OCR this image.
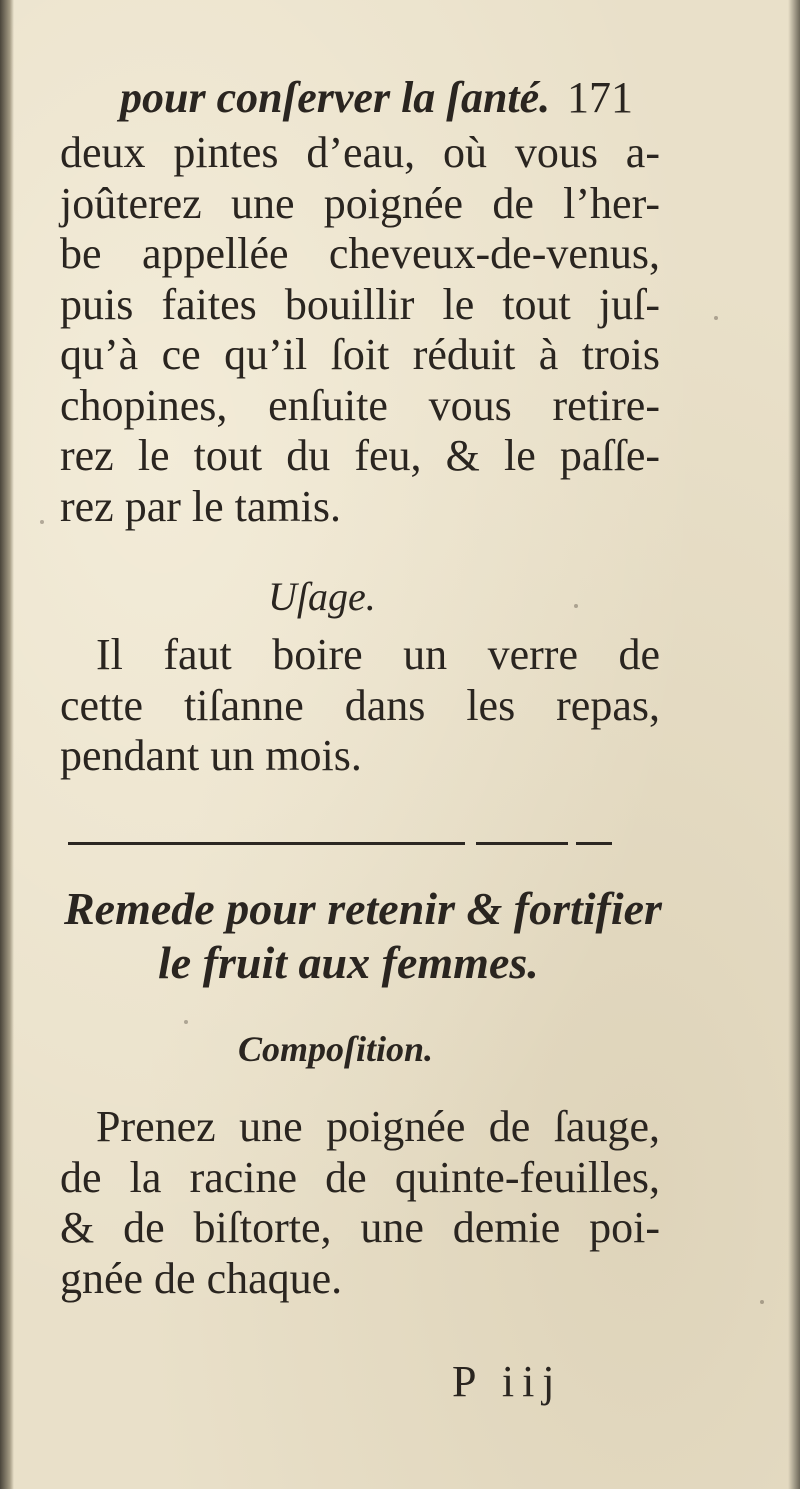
pour conſerver la ſanté. 171
deux pintes d’eau, où vous a-
joûterez une poignée de l’her-
be appellée cheveux-de-venus,
puis faites bouillir le tout juſ-
qu’à ce qu’il ſoit réduit à trois
chopines, enſuite vous retire-
rez le tout du feu, & le paſſe-
rez par le tamis.
Uſage.
Il faut boire un verre de
cette tiſanne dans les repas,
pendant un mois.
Remede pour retenir & fortifier
le fruit aux femmes.
Compoſition.
Prenez une poignée de ſauge,
de la racine de quinte-feuilles,
& de biſtorte, une demie poi-
gnée de chaque.
P iij
